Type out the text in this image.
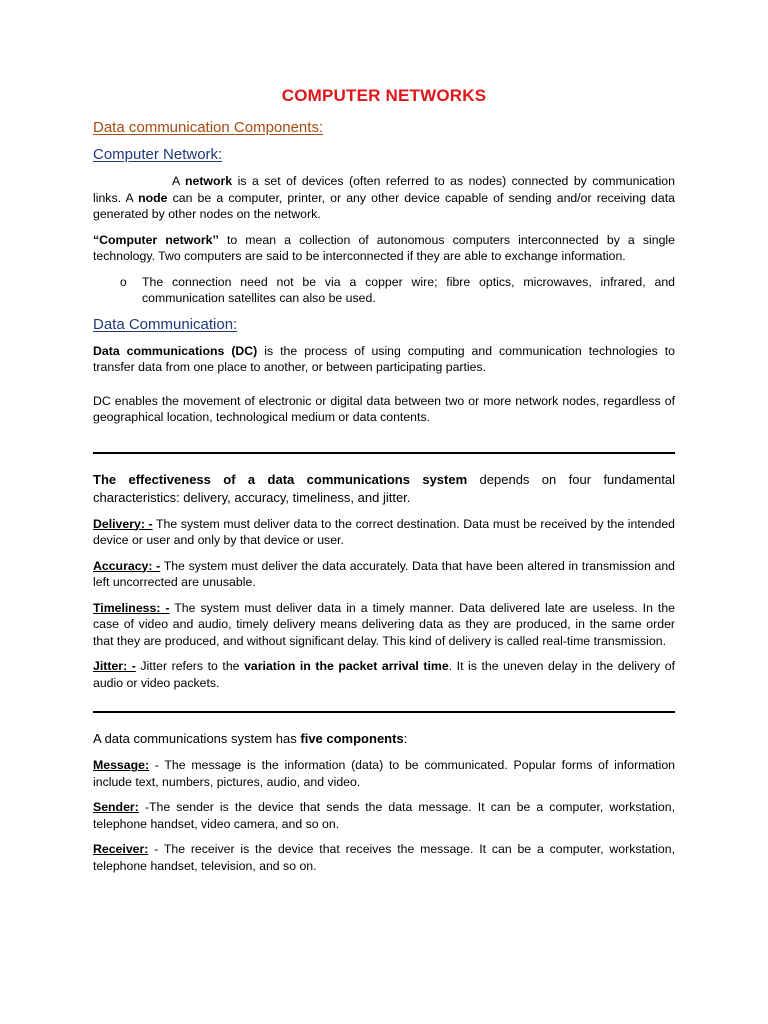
COMPUTER NETWORKS
Data communication Components:
Computer Network:

A network is a set of devices (often referred to as nodes) connected by communication links. A node can be a computer, printer, or any other device capable of sending and/or receiving data generated by other nodes on the network.

“Computer network’’ to mean a collection of autonomous computers interconnected by a single technology. Two computers are said to be interconnected if they are able to exchange information.

o	The connection need not be via a copper wire; fibre optics, microwaves, infrared, and communication satellites can also be used.

Data Communication:

Data communications (DC) is the process of using computing and communication technologies to transfer data from one place to another, or between participating parties.

DC enables the movement of electronic or digital data between two or more network nodes, regardless of geographical location, technological medium or data contents.

The effectiveness of a data communications system depends on four fundamental characteristics: delivery, accuracy, timeliness, and jitter.

Delivery: - The system must deliver data to the correct destination. Data must be received by the intended device or user and only by that device or user.

Accuracy: - The system must deliver the data accurately. Data that have been altered in transmission and left uncorrected are unusable.

Timeliness: - The system must deliver data in a timely manner. Data delivered late are useless. In the case of video and audio, timely delivery means delivering data as they are produced, in the same order that they are produced, and without significant delay. This kind of delivery is called real-time transmission.

Jitter: - Jitter refers to the variation in the packet arrival time. It is the uneven delay in the delivery of audio or video packets.

A data communications system has five components:

Message: - The message is the information (data) to be communicated. Popular forms of information include text, numbers, pictures, audio, and video.

Sender: -The sender is the device that sends the data message. It can be a computer, workstation, telephone handset, video camera, and so on.

Receiver: - The receiver is the device that receives the message. It can be a computer, workstation, telephone handset, television, and so on.
